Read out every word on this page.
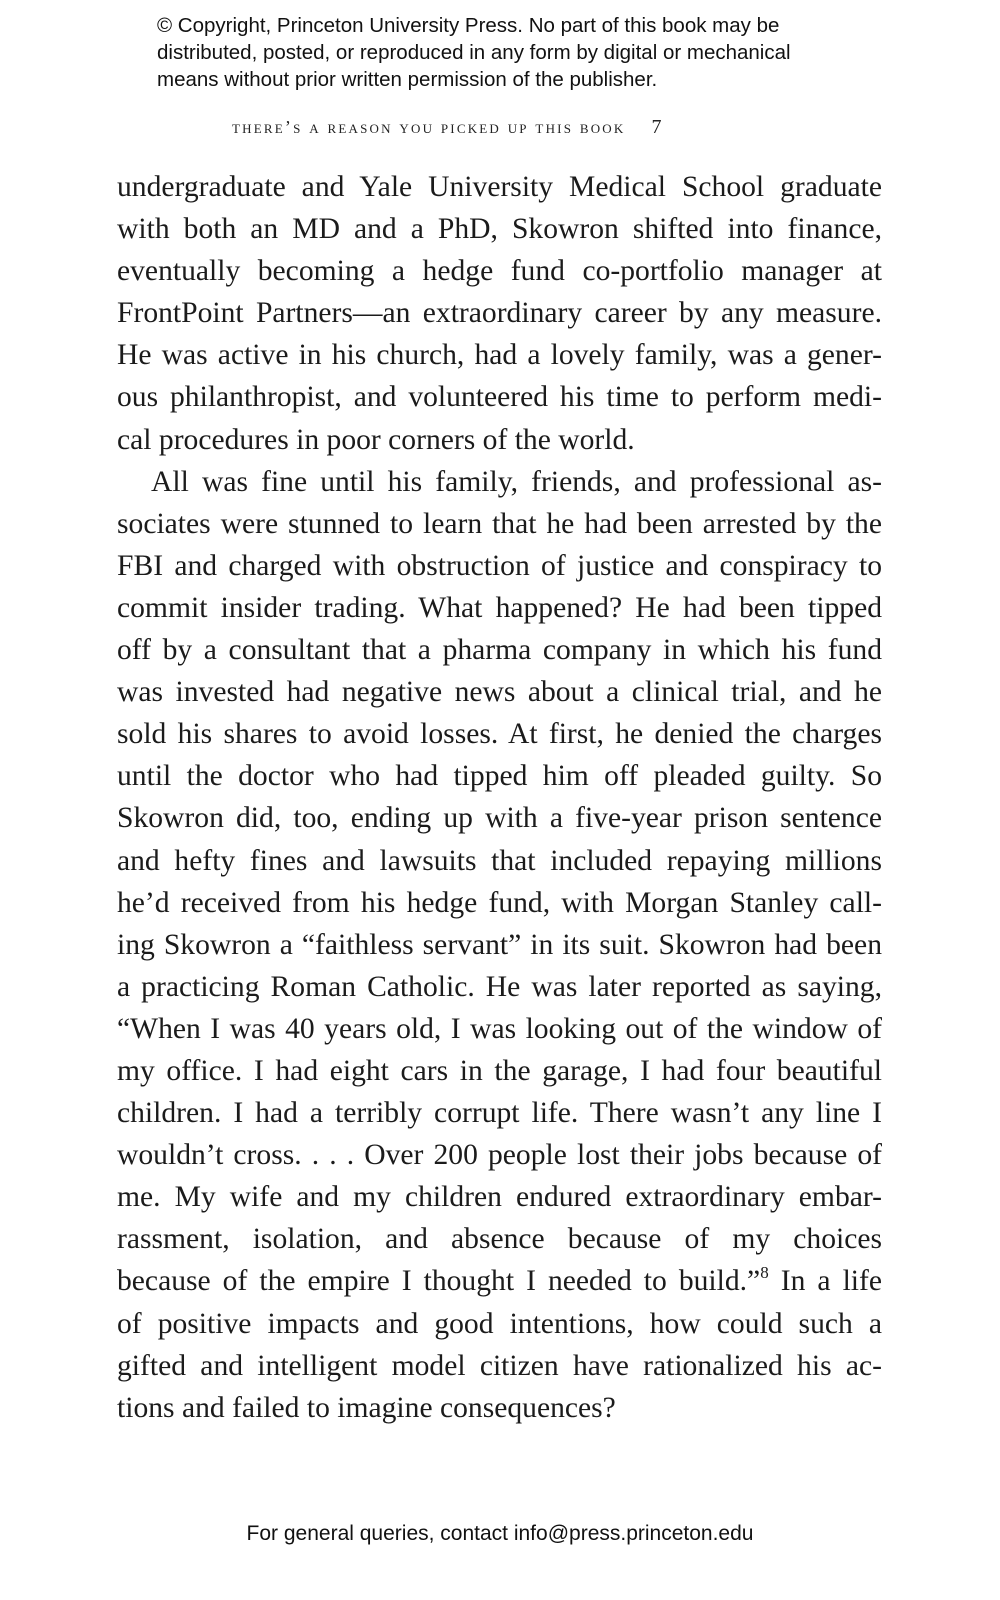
© Copyright, Princeton University Press. No part of this book may be
distributed, posted, or reproduced in any form by digital or mechanical
means without prior written permission of the publisher.
there’s a reason you picked up this book 7
undergraduate and Yale University Medical School graduate
with both an MD and a PhD, Skowron shifted into finance,
eventually becoming a hedge fund co-portfolio manager at
FrontPoint Partners—an extraordinary career by any measure.
He was active in his church, had a lovely family, was a gener-
ous philanthropist, and volunteered his time to perform medi-
cal procedures in poor corners of the world.
All was fine until his family, friends, and professional as-
sociates were stunned to learn that he had been arrested by the
FBI and charged with obstruction of justice and conspiracy to
commit insider trading. What happened? He had been tipped
off by a consultant that a pharma company in which his fund
was invested had negative news about a clinical trial, and he
sold his shares to avoid losses. At first, he denied the charges
until the doctor who had tipped him off pleaded guilty. So
Skowron did, too, ending up with a five-year prison sentence
and hefty fines and lawsuits that included repaying millions
he’d received from his hedge fund, with Morgan Stanley call-
ing Skowron a “faithless servant” in its suit. Skowron had been
a practicing Roman Catholic. He was later reported as saying,
“When I was 40 years old, I was looking out of the window of
my office. I had eight cars in the garage, I had four beautiful
children. I had a terribly corrupt life. There wasn’t any line I
wouldn’t cross. . . . Over 200 people lost their jobs because of
me. My wife and my children endured extraordinary embar-
rassment, isolation, and absence because of my choices
because of the empire I thought I needed to build.”$^8$ In a life
of positive impacts and good intentions, how could such a
gifted and intelligent model citizen have rationalized his ac-
tions and failed to imagine consequences?
For general queries, contact info@press.princeton.edu
